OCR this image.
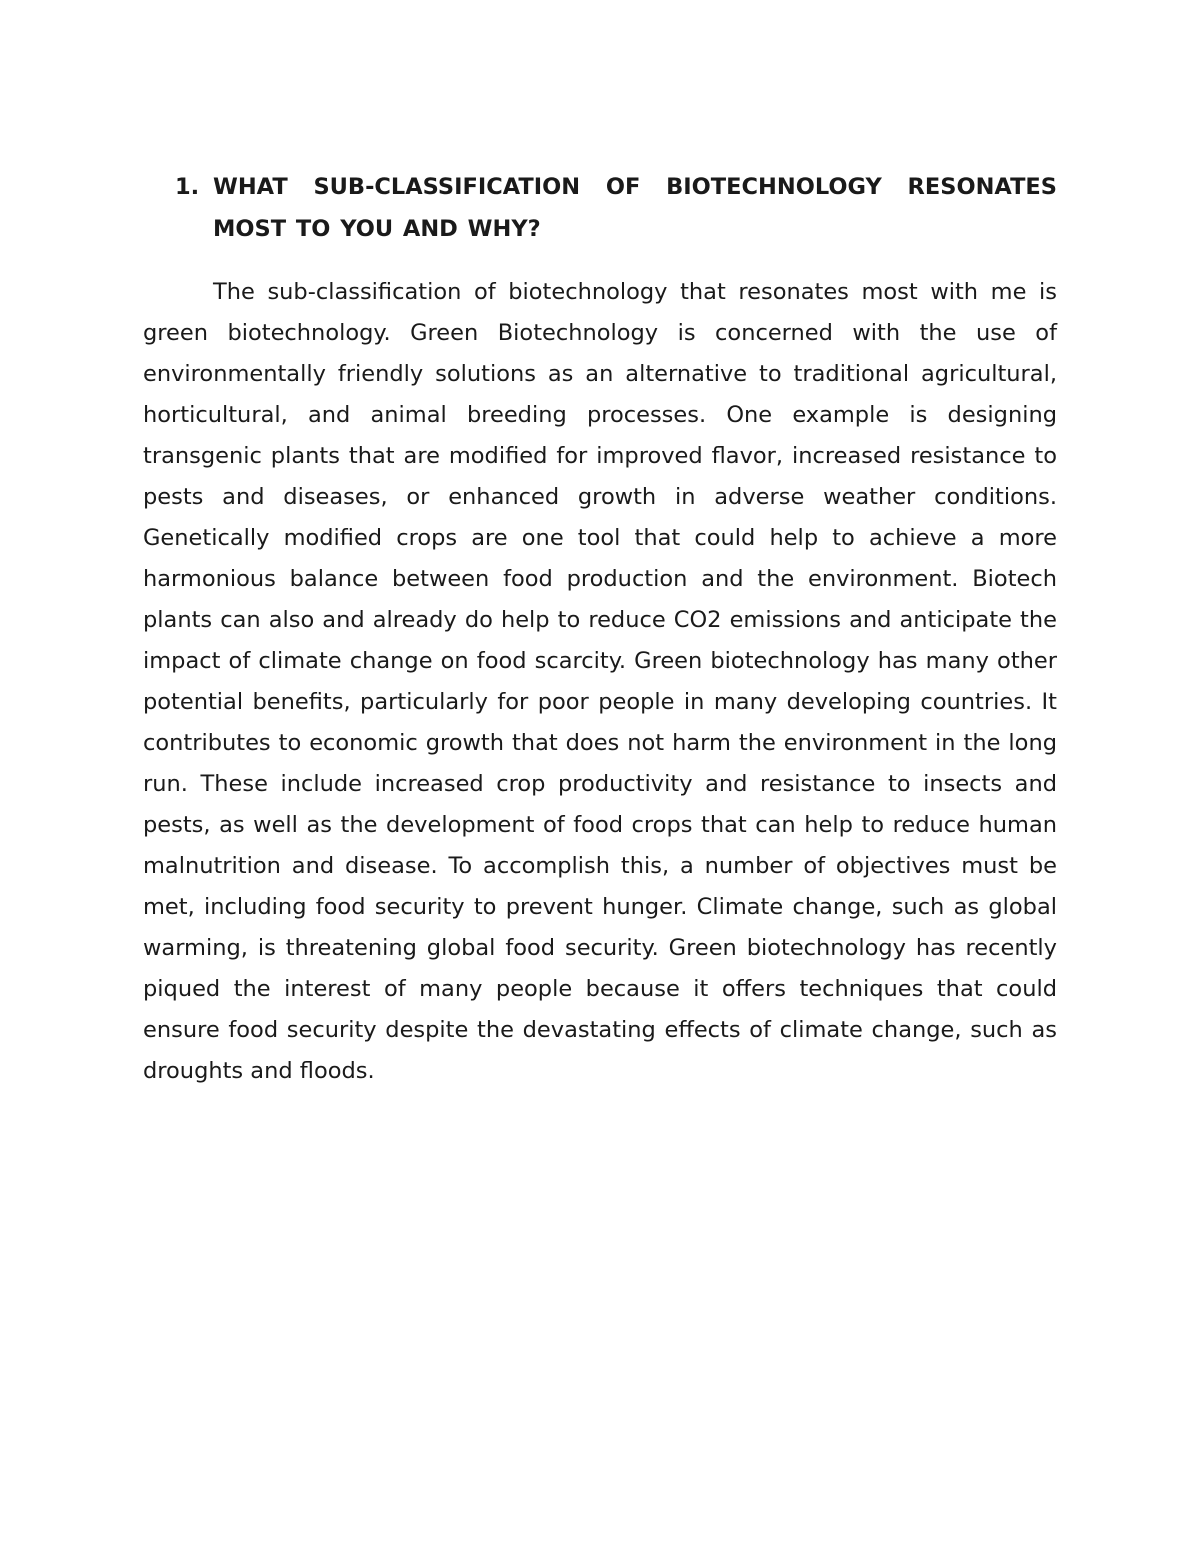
1. WHAT SUB-CLASSIFICATION OF BIOTECHNOLOGY RESONATES MOST TO YOU AND WHY?

The sub-classification of biotechnology that resonates most with me is green biotechnology. Green Biotechnology is concerned with the use of environmentally friendly solutions as an alternative to traditional agricultural, horticultural, and animal breeding processes. One example is designing transgenic plants that are modified for improved flavor, increased resistance to pests and diseases, or enhanced growth in adverse weather conditions. Genetically modified crops are one tool that could help to achieve a more harmonious balance between food production and the environment. Biotech plants can also and already do help to reduce CO2 emissions and anticipate the impact of climate change on food scarcity. Green biotechnology has many other potential benefits, particularly for poor people in many developing countries. It contributes to economic growth that does not harm the environment in the long run. These include increased crop productivity and resistance to insects and pests, as well as the development of food crops that can help to reduce human malnutrition and disease. To accomplish this, a number of objectives must be met, including food security to prevent hunger. Climate change, such as global warming, is threatening global food security. Green biotechnology has recently piqued the interest of many people because it offers techniques that could ensure food security despite the devastating effects of climate change, such as droughts and floods.
